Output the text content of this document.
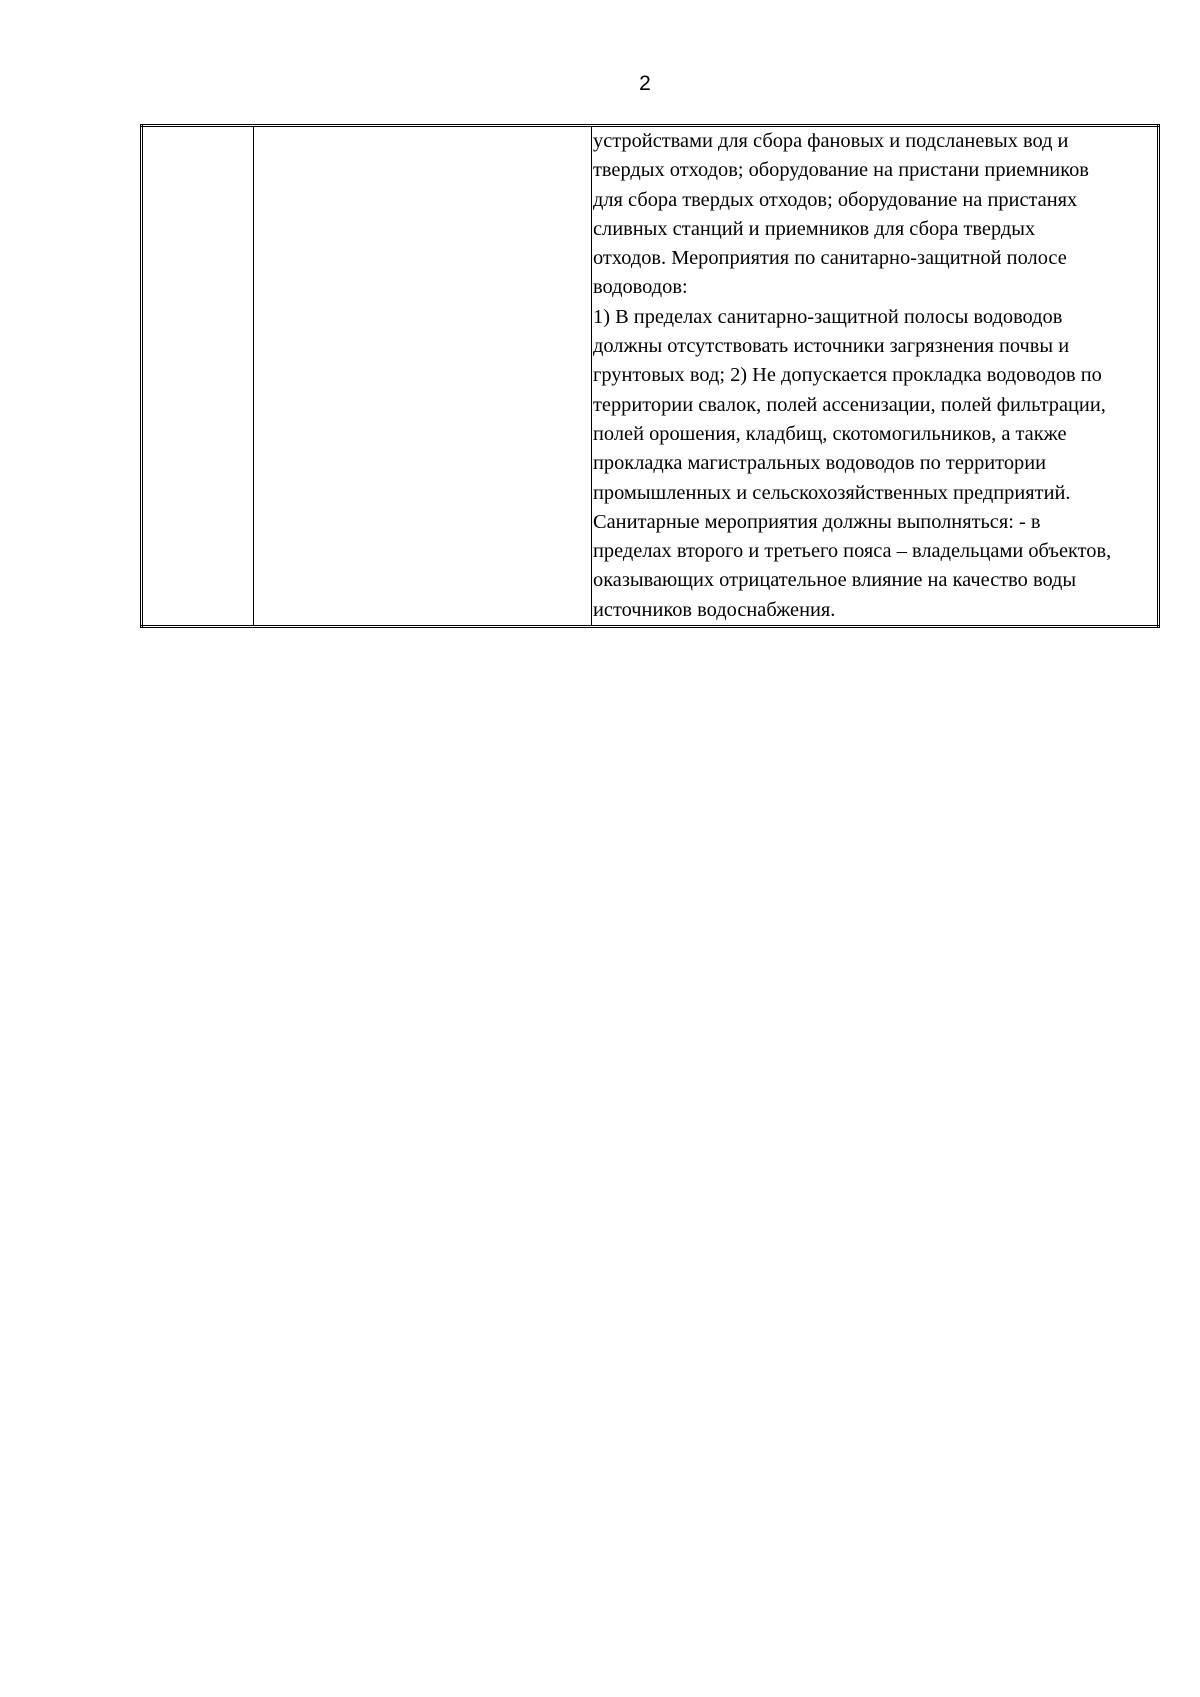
2

устройствами для сбора фановых и подсланевых вод и
твердых отходов; оборудование на пристани приемников
для сбора твердых отходов; оборудование на пристанях
сливных станций и приемников для сбора твердых
отходов. Мероприятия по санитарно-защитной полосе
водоводов:
1) В пределах санитарно-защитной полосы водоводов
должны отсутствовать источники загрязнения почвы и
грунтовых вод; 2) Не допускается прокладка водоводов по
территории свалок, полей ассенизации, полей фильтрации,
полей орошения, кладбищ, скотомогильников, а также
прокладка магистральных водоводов по территории
промышленных и сельскохозяйственных предприятий.
Санитарные мероприятия должны выполняться: - в
пределах второго и третьего пояса – владельцами объектов,
оказывающих отрицательное влияние на качество воды
источников водоснабжения.
